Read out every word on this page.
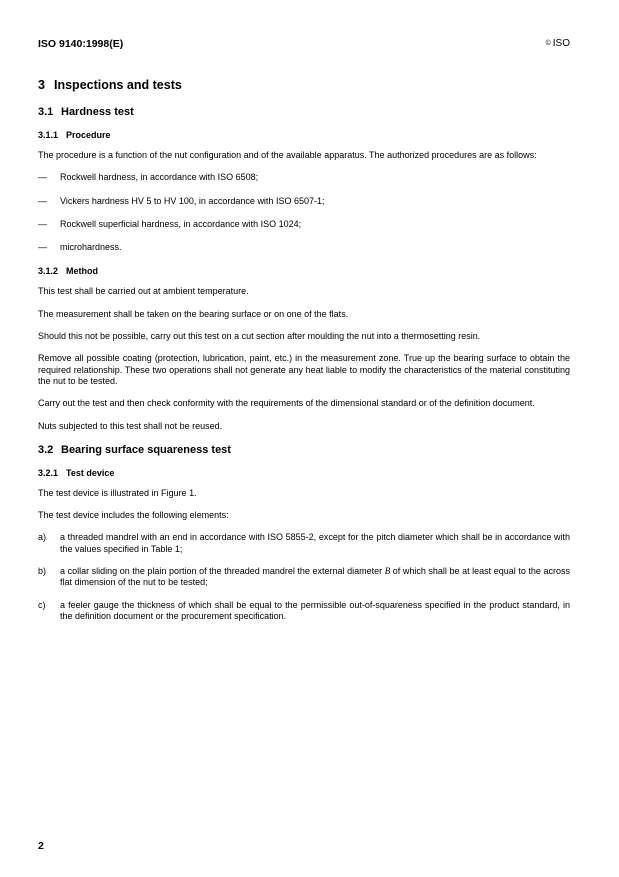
ISO 9140:1998(E)	© ISO
3 Inspections and tests
3.1 Hardness test
3.1.1 Procedure

The procedure is a function of the nut configuration and of the available apparatus. The authorized procedures are as follows:

—	Rockwell hardness, in accordance with ISO 6508;
—	Vickers hardness HV 5 to HV 100, in accordance with ISO 6507-1;
—	Rockwell superficial hardness, in accordance with ISO 1024;
—	microhardness.
3.1.2 Method

This test shall be carried out at ambient temperature.

The measurement shall be taken on the bearing surface or on one of the flats.

Should this not be possible, carry out this test on a cut section after moulding the nut into a thermosetting resin.

Remove all possible coating (protection, lubrication, paint, etc.) in the measurement zone. True up the bearing surface to obtain the required relationship. These two operations shall not generate any heat liable to modify the characteristics of the material constituting the nut to be tested.

Carry out the test and then check conformity with the requirements of the dimensional standard or of the definition document.

Nuts subjected to this test shall not be reused.

3.2 Bearing surface squareness test
3.2.1 Test device

The test device is illustrated in Figure 1.

The test device includes the following elements:

a)	a threaded mandrel with an end in accordance with ISO 5855-2, except for the pitch diameter which shall be in accordance with the values specified in Table 1;
b)	a collar sliding on the plain portion of the threaded mandrel the external diameter B of which shall be at least equal to the across flat dimension of the nut to be tested;
c)	a feeler gauge the thickness of which shall be equal to the permissible out-of-squareness specified in the product standard, in the definition document or the procurement specification.
2
